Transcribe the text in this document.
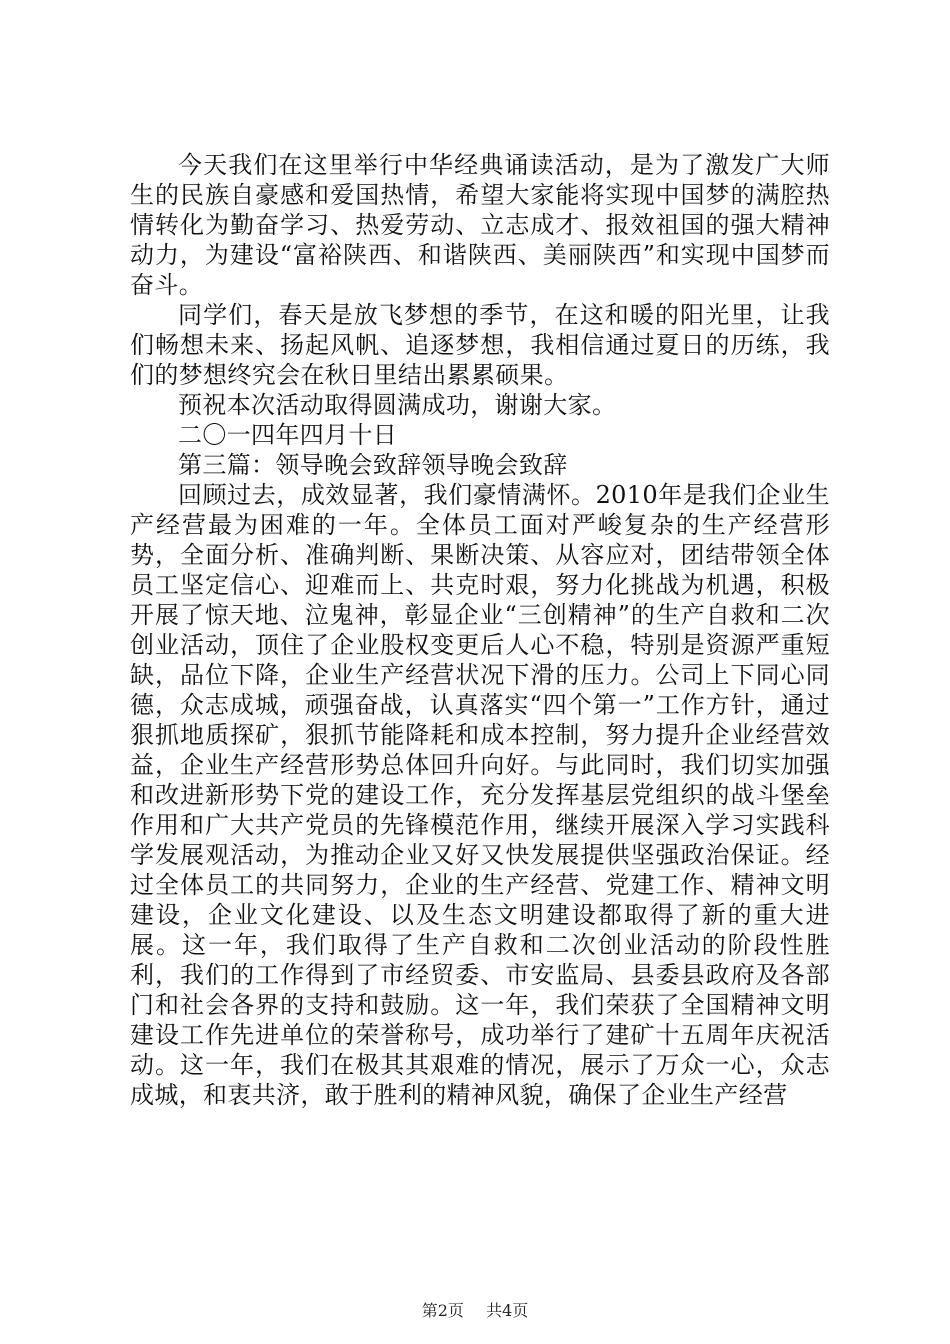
今天我们在这里举行中华经典诵读活动，是为了激发广大师生的民族自豪感和爱国热情，希望大家能将实现中国梦的满腔热情转化为勤奋学习、热爱劳动、立志成才、报效祖国的强大精神动力，为建设“富裕陕西、和谐陕西、美丽陕西”和实现中国梦而奋斗。

同学们，春天是放飞梦想的季节，在这和暖的阳光里，让我们畅想未来、扬起风帆、追逐梦想，我相信通过夏日的历练，我们的梦想终究会在秋日里结出累累硕果。

预祝本次活动取得圆满成功，谢谢大家。

二〇一四年四月十日

第三篇：领导晚会致辞领导晚会致辞

回顾过去，成效显著，我们豪情满怀。2010年是我们企业生产经营最为困难的一年。全体员工面对严峻复杂的生产经营形势，全面分析、准确判断、果断决策、从容应对，团结带领全体员工坚定信心、迎难而上、共克时艰，努力化挑战为机遇，积极开展了惊天地、泣鬼神，彰显企业“三创精神”的生产自救和二次创业活动，顶住了企业股权变更后人心不稳，特别是资源严重短缺，品位下降，企业生产经营状况下滑的压力。公司上下同心同德，众志成城，顽强奋战，认真落实“四个第一”工作方针，通过狠抓地质探矿，狠抓节能降耗和成本控制，努力提升企业经营效益，企业生产经营形势总体回升向好。与此同时，我们切实加强和改进新形势下党的建设工作，充分发挥基层党组织的战斗堡垒作用和广大共产党员的先锋模范作用，继续开展深入学习实践科学发展观活动，为推动企业又好又快发展提供坚强政治保证。经过全体员工的共同努力，企业的生产经营、党建工作、精神文明建设，企业文化建设、以及生态文明建设都取得了新的重大进展。这一年，我们取得了生产自救和二次创业活动的阶段性胜利，我们的工作得到了市经贸委、市安监局、县委县政府及各部门和社会各界的支持和鼓励。这一年，我们荣获了全国精神文明建设工作先进单位的荣誉称号，成功举行了建矿十五周年庆祝活动。这一年，我们在极其其艰难的情况，展示了万众一心，众志成城，和衷共济，敢于胜利的精神风貌，确保了企业生产经营

第2页 共4页
